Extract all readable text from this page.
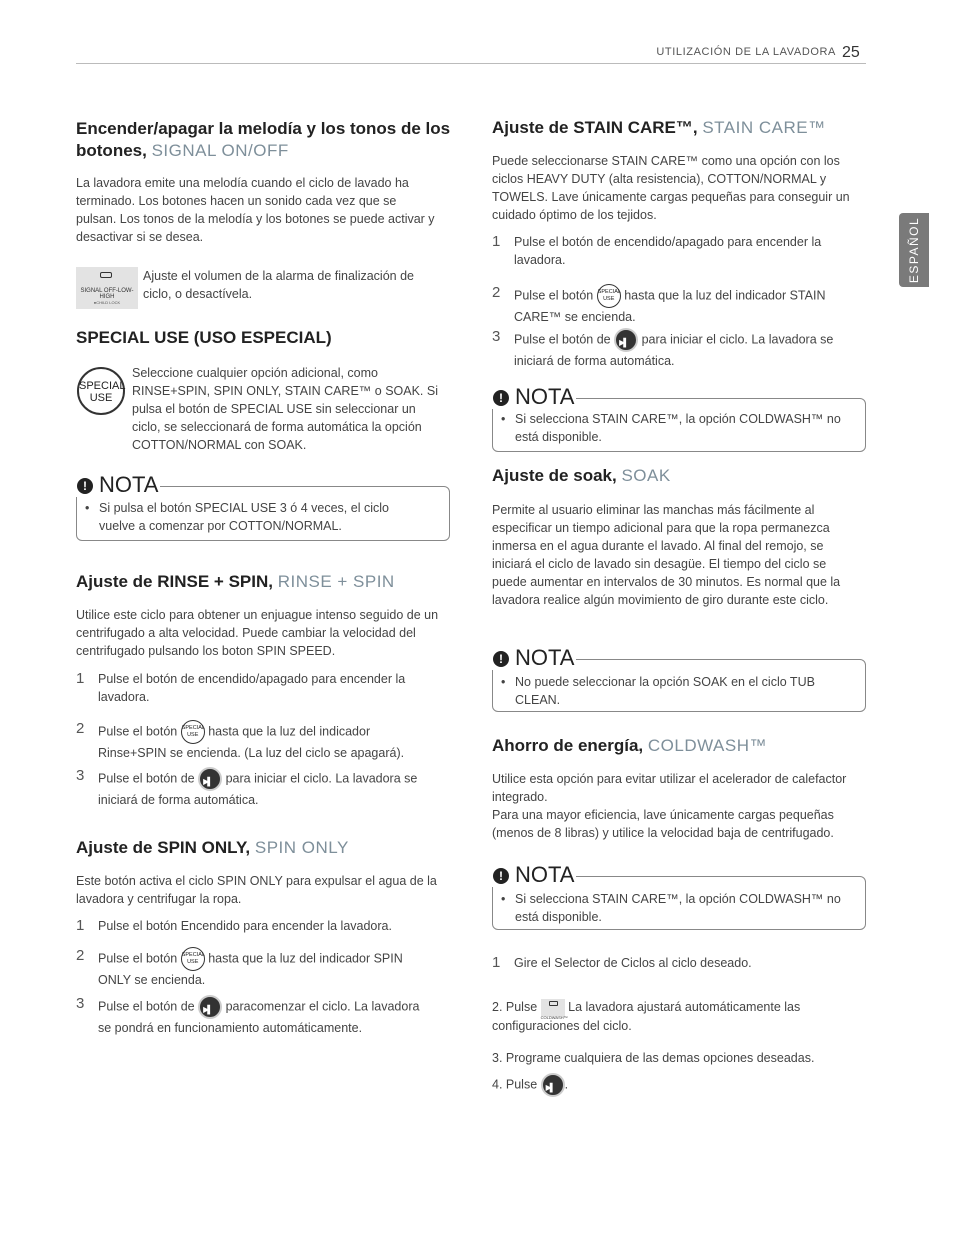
UTILIZACIÓN DE LA LAVADORA 25
ESPAÑOL
Encender/apagar la melodía y los tonos de los botones, SIGNAL ON/OFF

La lavadora emite una melodía cuando el ciclo de lavado ha terminado. Los botones hacen un sonido cada vez que se pulsan. Los tonos de la melodía y los botones se puede activar y desactivar si se desea.

SIGNAL OFF-LOW-HIGH
●CHILD LOCK

Ajuste el volumen de la alarma de finalización de ciclo, o desactívela.

SPECIAL USE (USO ESPECIAL)
SPECIAL USE

Seleccione cualquier opción adicional, como RINSE+SPIN, SPIN ONLY, STAIN CARE™ o SOAK. Si pulsa el botón de SPECIAL USE sin seleccionar un ciclo, se seleccionará de forma automática la opción COTTON/NORMAL con SOAK.

! NOTA
• Si pulsa el botón SPECIAL USE 3 ó 4 veces, el ciclo vuelve a comenzar por COTTON/NORMAL.
Ajuste de RINSE + SPIN, RINSE + SPIN

Utilice este ciclo para obtener un enjuague intenso seguido de un centrifugado a alta velocidad. Puede cambiar la velocidad del centrifugado pulsando los boton SPIN SPEED.

1 Pulse el botón de encendido/apagado para encender la lavadora.
2 Pulse el botón SPECIAL USE hasta que la luz del indicador Rinse+SPIN se encienda. (La luz del ciclo se apagará).
3 Pulse el botón de ▶▌ para iniciar el ciclo. La lavadora se iniciará de forma automática.
Ajuste de SPIN ONLY, SPIN ONLY

Este botón activa el ciclo SPIN ONLY para expulsar el agua de la lavadora y centrifugar la ropa.

1 Pulse el botón Encendido para encender la lavadora.
2 Pulse el botón SPECIAL USE hasta que la luz del indicador SPIN ONLY se encienda.
3 Pulse el botón de ▶▌ paracomenzar el ciclo. La lavadora se pondrá en funcionamiento automáticamente.
Ajuste de STAIN CARE™, STAIN CARE™

Puede seleccionarse STAIN CARE™ como una opción con los ciclos HEAVY DUTY (alta resistencia), COTTON/NORMAL y TOWELS. Lave únicamente cargas pequeñas para conseguir un cuidado óptimo de los tejidos.

1 Pulse el botón de encendido/apagado para encender la lavadora.
2 Pulse el botón SPECIAL USE hasta que la luz del indicador STAIN CARE™ se encienda.
3 Pulse el botón de ▶▌ para iniciar el ciclo. La lavadora se iniciará de forma automática.
! NOTA
• Si selecciona STAIN CARE™, la opción COLDWASH™ no está disponible.
Ajuste de soak, SOAK

Permite al usuario eliminar las manchas más fácilmente al especificar un tiempo adicional para que la ropa permanezca inmersa en el agua durante el lavado. Al final del remojo, se iniciará el ciclo de lavado sin desagüe. El tiempo del ciclo se puede aumentar en intervalos de 30 minutos. Es normal que la lavadora realice algún movimiento de giro durante este ciclo.

! NOTA
• No puede seleccionar la opción SOAK en el ciclo TUB CLEAN.
Ahorro de energía, COLDWASH™

Utilice esta opción para evitar utilizar el acelerador de calefactor integrado.

Para una mayor eficiencia, lave únicamente cargas pequeñas (menos de 8 libras) y utilice la velocidad baja de centrifugado.

! NOTA
• Si selecciona STAIN CARE™, la opción COLDWASH™ no está disponible.
1 Gire el Selector de Ciclos al ciclo deseado.
2. Pulse
COLDWASH™
La lavadora ajustará automáticamente las configuraciones del ciclo.
3. Programe cualquiera de las demas opciones deseadas.
4. Pulse ▶▌ .
